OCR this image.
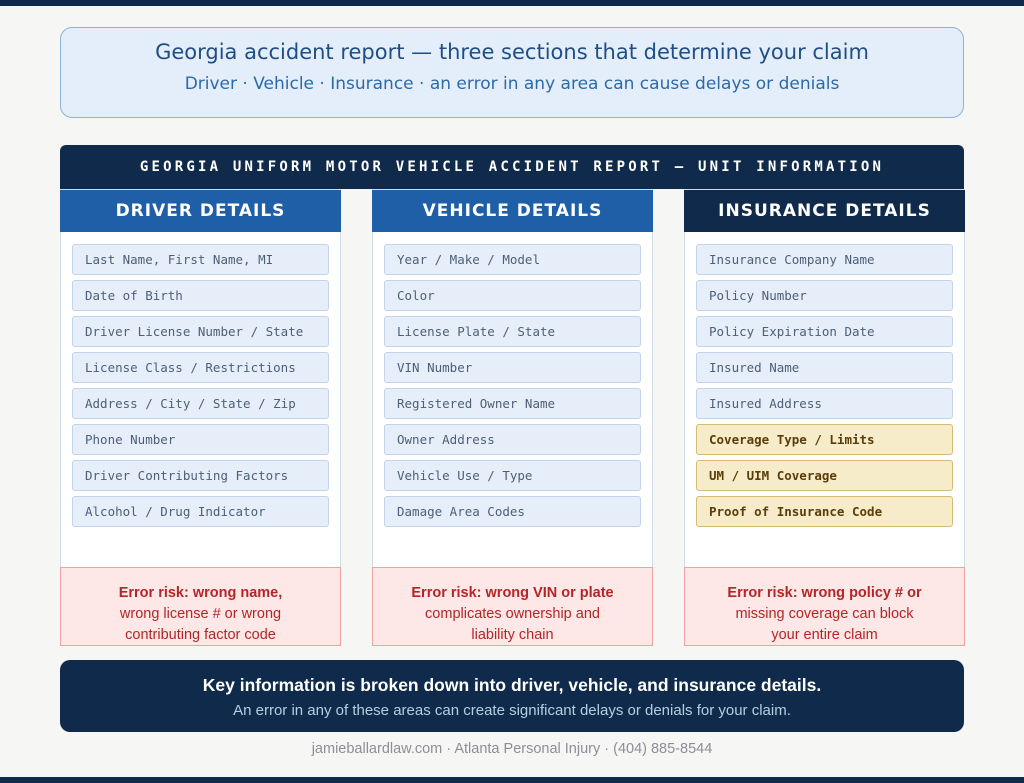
Georgia accident report — three sections that determine your claim
Driver · Vehicle · Insurance · an error in any area can cause delays or denials
GEORGIA UNIFORM MOTOR VEHICLE ACCIDENT REPORT — UNIT INFORMATION
DRIVER DETAILS
Last Name, First Name, MI
Date of Birth
Driver License Number / State
License Class / Restrictions
Address / City / State / Zip
Phone Number
Driver Contributing Factors
Alcohol / Drug Indicator
Error risk: wrong name,
wrong license # or wrong
contributing factor code
VEHICLE DETAILS
Year / Make / Model
Color
License Plate / State
VIN Number
Registered Owner Name
Owner Address
Vehicle Use / Type
Damage Area Codes
Error risk: wrong VIN or plate
complicates ownership and
liability chain
INSURANCE DETAILS
Insurance Company Name
Policy Number
Policy Expiration Date
Insured Name
Insured Address
Coverage Type / Limits
UM / UIM Coverage
Proof of Insurance Code
Error risk: wrong policy # or
missing coverage can block
your entire claim
Key information is broken down into driver, vehicle, and insurance details.
An error in any of these areas can create significant delays or denials for your claim.
jamieballardlaw.com · Atlanta Personal Injury · (404) 885-8544
